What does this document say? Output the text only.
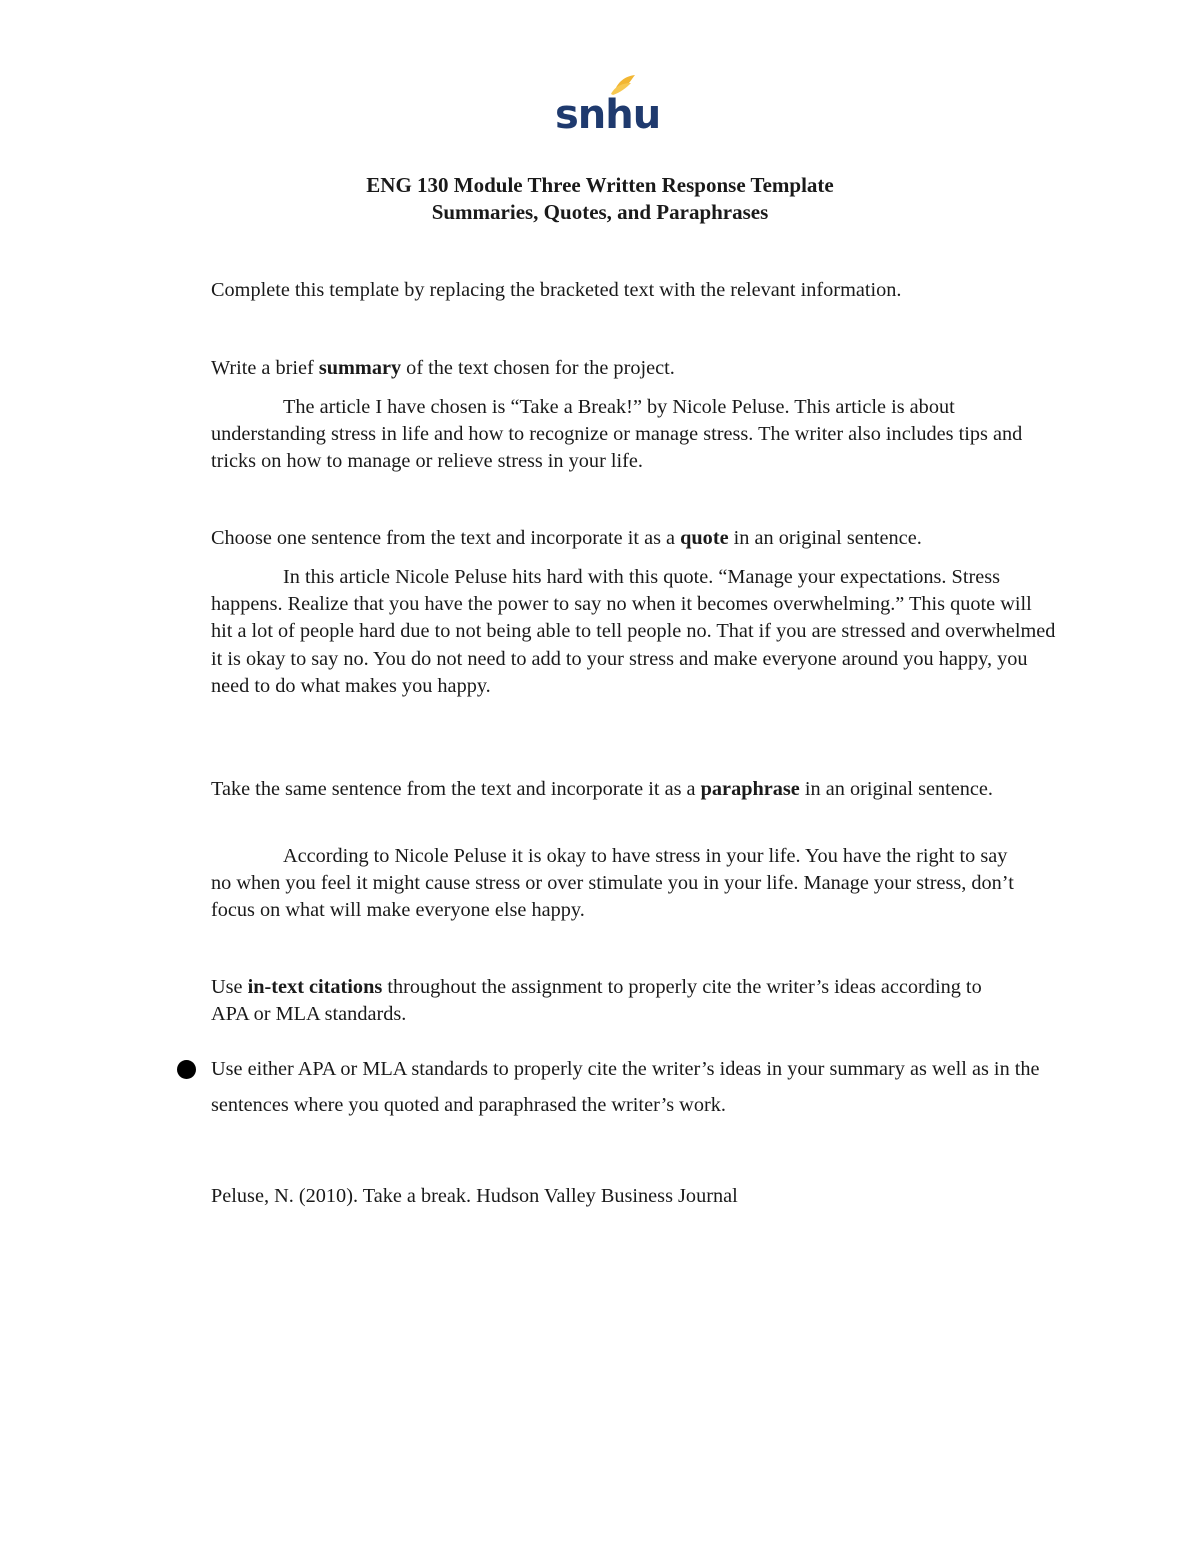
snhu
ENG 130 Module Three Written Response Template
Summaries, Quotes, and Paraphrases
Complete this template by replacing the bracketed text with the relevant information.
Write a brief summary of the text chosen for the project.
The article I have chosen is “Take a Break!” by Nicole Peluse. This article is about understanding stress in life and how to recognize or manage stress. The writer also includes tips and tricks on how to manage or relieve stress in your life.
Choose one sentence from the text and incorporate it as a quote in an original sentence.
In this article Nicole Peluse hits hard with this quote. “Manage your expectations. Stress happens. Realize that you have the power to say no when it becomes overwhelming.” This quote will hit a lot of people hard due to not being able to tell people no. That if you are stressed and overwhelmed it is okay to say no. You do not need to add to your stress and make everyone around you happy, you need to do what makes you happy.
Take the same sentence from the text and incorporate it as a paraphrase in an original sentence.
According to Nicole Peluse it is okay to have stress in your life. You have the right to say no when you feel it might cause stress or over stimulate you in your life. Manage your stress, don’t focus on what will make everyone else happy.
Use in-text citations throughout the assignment to properly cite the writer’s ideas according to APA or MLA standards.
Use either APA or MLA standards to properly cite the writer’s ideas in your summary as well as in the sentences where you quoted and paraphrased the writer’s work.
Peluse, N. (2010). Take a break. Hudson Valley Business Journal
